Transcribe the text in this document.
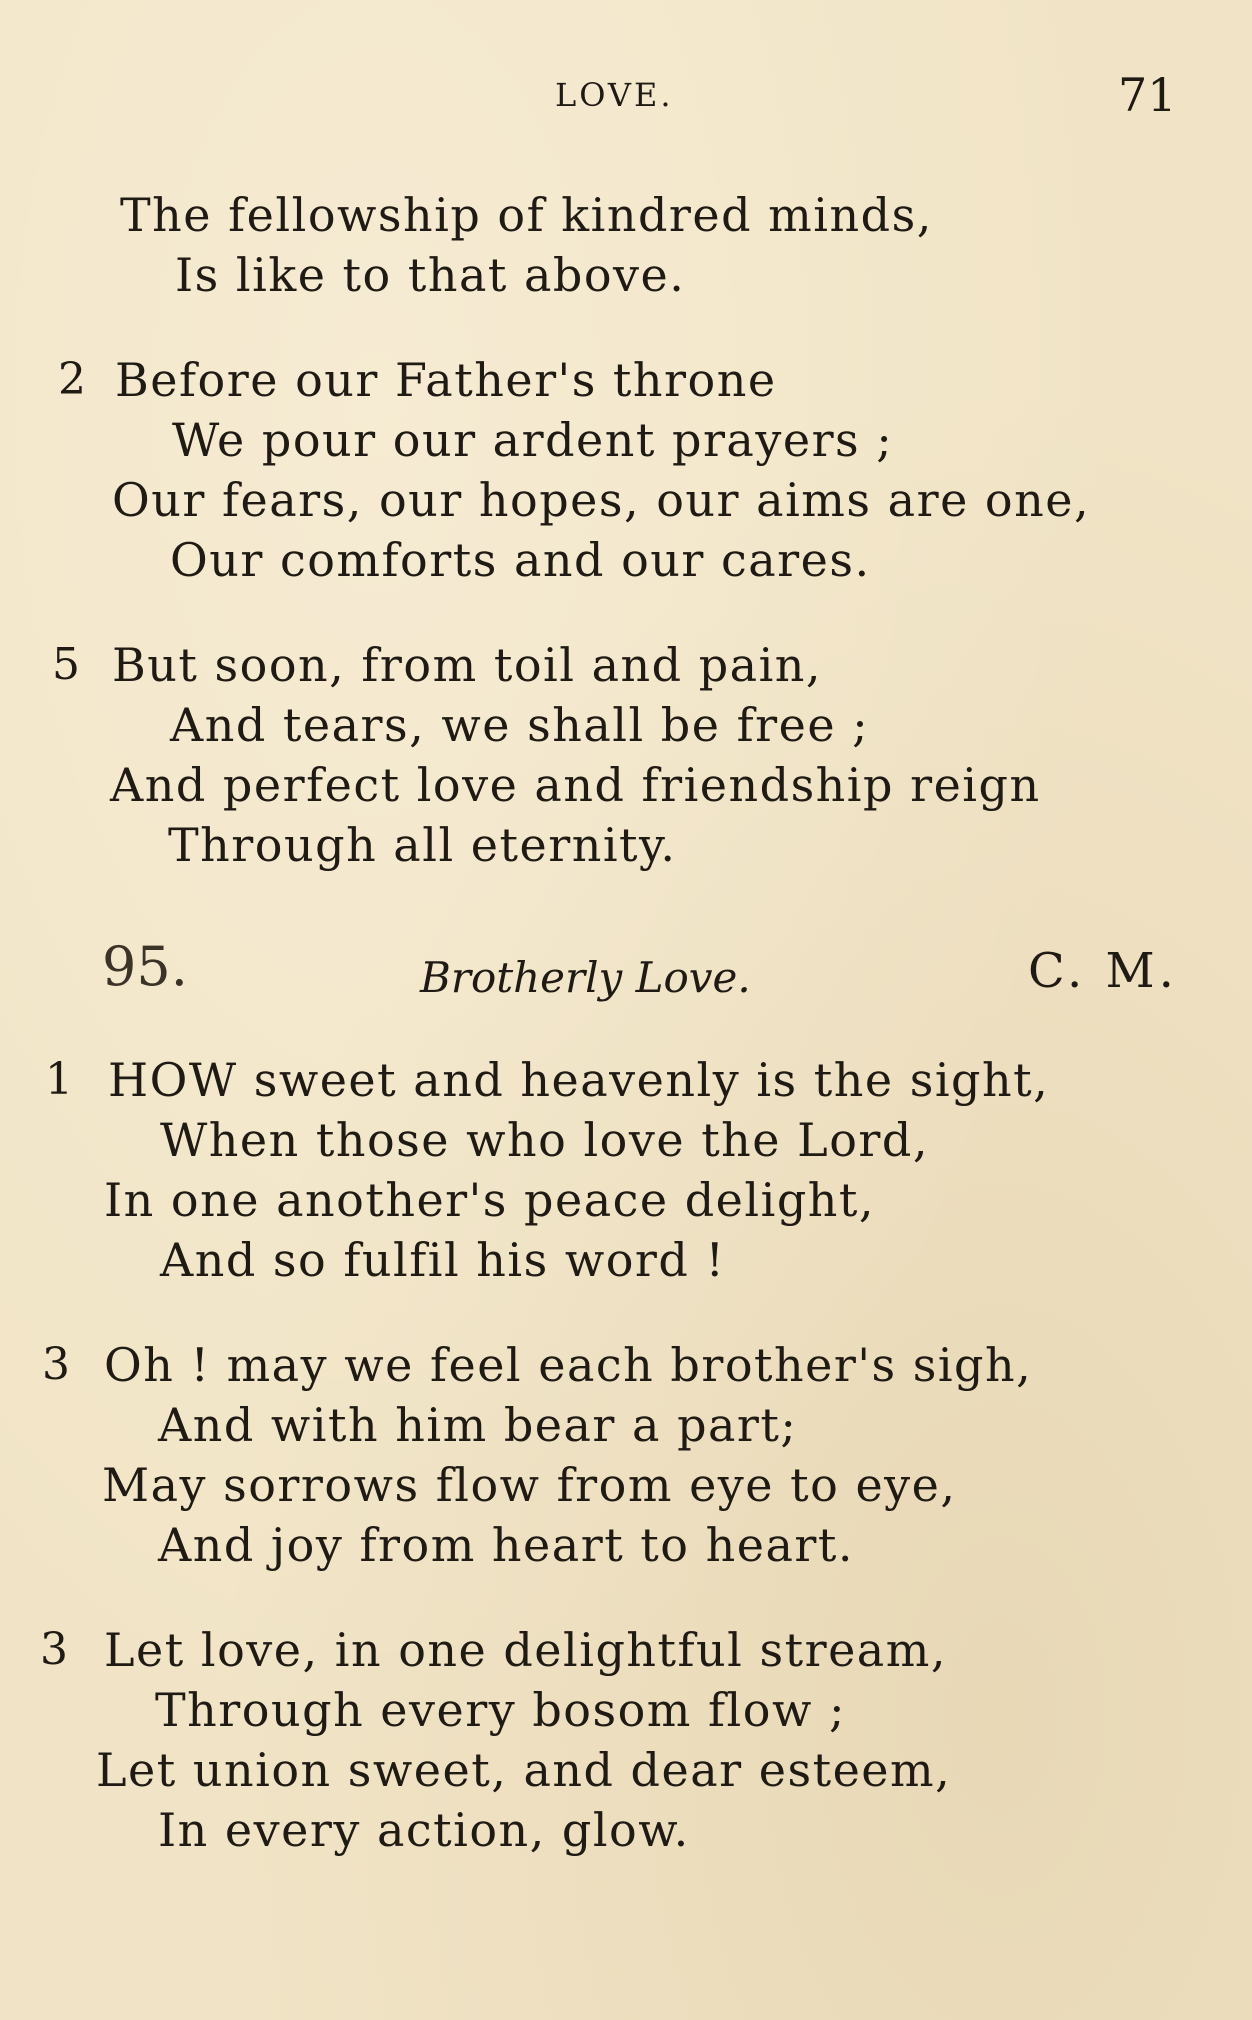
LOVE.	71
The fellowship of kindred minds,
Is like to that above.
2 Before our Father's throne
We pour our ardent prayers ;
Our fears, our hopes, our aims are one,
Our comforts and our cares.
5 But soon, from toil and pain,
And tears, we shall be free ;
And perfect love and friendship reign
Through all eternity.
95.	Brotherly Love.	C. M.
1 HOW sweet and heavenly is the sight,
When those who love the Lord,
In one another's peace delight,
And so fulfil his word !
3 Oh ! may we feel each brother's sigh,
And with him bear a part;
May sorrows flow from eye to eye,
And joy from heart to heart.
3 Let love, in one delightful stream,
Through every bosom flow ;
Let union sweet, and dear esteem,
In every action, glow.
